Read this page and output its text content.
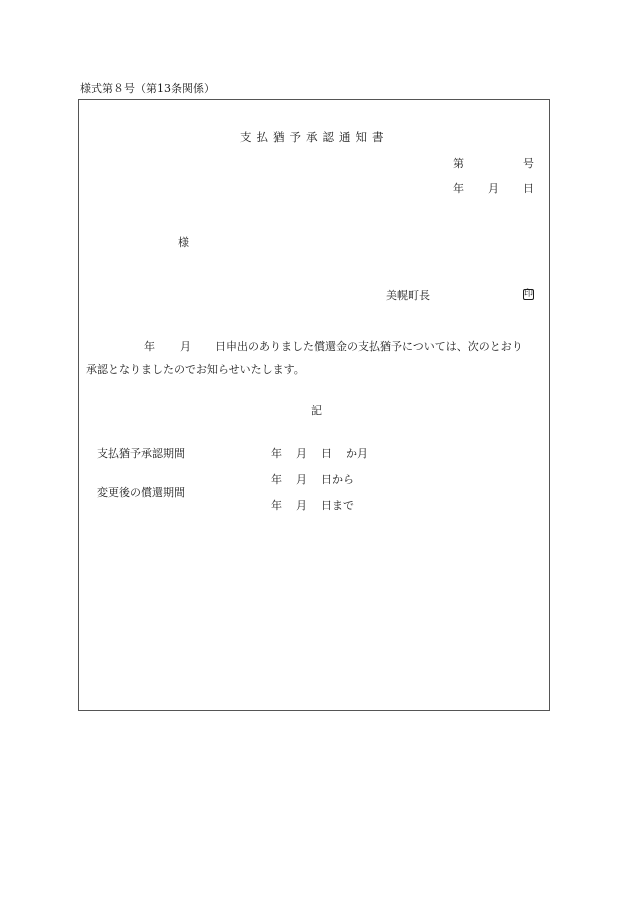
様式第８号（第13条関係）
支払猶予承認通知書
第	号
年 月 日
様
美幌町長	印
年 月 日申出のありました償還金の支払猶予については、次のとおり
承認となりましたのでお知らせいたします。
記
支払猶予承認期間	年 月 日 か月
変更後の償還期間
年 月 日から
年 月 日まで
